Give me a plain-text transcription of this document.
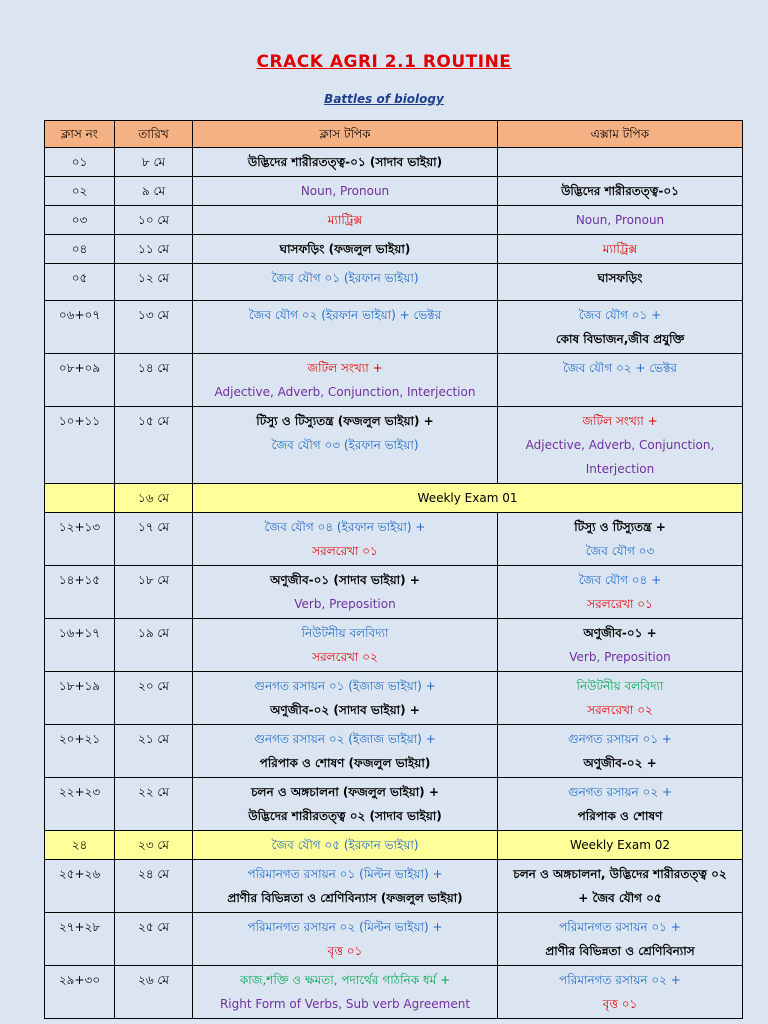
CRACK AGRI 2.1 ROUTINE
Battles of biology
ক্লাস নং	তারিখ	ক্লাস টপিক	এক্সাম টপিক
০১	৮ মে	উদ্ভিদের শারীরতত্ত্ব-০১ (সাদাব ভাইয়া)	

০২	৯ মে	Noun, Pronoun	উদ্ভিদের শারীরতত্ত্ব-০১

০৩	১০ মে	ম্যাট্রিক্স	Noun, Pronoun

০৪	১১ মে	ঘাসফড়িং (ফজলুল ভাইয়া)	ম্যাট্রিক্স

০৫	১২ মে	জৈব যৌগ ০১ (ইরফান ভাইয়া)	ঘাসফড়িং

০৬+০৭	১৩ মে	জৈব যৌগ ০২ (ইরফান ভাইয়া) + ভেক্টর	জৈব যৌগ ০১ +
কোষ বিভাজন,জীব প্রযুক্তি

০৮+০৯	১৪ মে	জটিল সংখ্যা +
Adjective, Adverb, Conjunction, Interjection	জৈব যৌগ ০২ + ভেক্টর

১০+১১	১৫ মে	টিস্যু ও টিস্যুতন্ত্র (ফজলুল ভাইয়া) +
জৈব যৌগ ০৩ (ইরফান ভাইয়া)	জটিল সংখ্যা +
Adjective, Adverb, Conjunction,
Interjection

	১৬ মে	Weekly Exam 01	
১২+১৩	১৭ মে	জৈব যৌগ ০৪ (ইরফান ভাইয়া) +
সরলরেখা ০১	টিস্যু ও টিস্যুতন্ত্র +
জৈব যৌগ ০৩

১৪+১৫	১৮ মে	অণুজীব-০১ (সাদাব ভাইয়া) +
Verb, Preposition	জৈব যৌগ ০৪ +
সরলরেখা ০১

১৬+১৭	১৯ মে	নিউটনীয় বলবিদ্যা
সরলরেখা ০২	অণুজীব-০১ +
Verb, Preposition

১৮+১৯	২০ মে	গুনগত রসায়ন ০১ (ইজাজ ভাইয়া) +
অণুজীব-০২ (সাদাব ভাইয়া) +	নিউটনীয় বলবিদ্যা
সরলরেখা ০২

২০+২১	২১ মে	গুনগত রসায়ন ০২ (ইজাজ ভাইয়া) +
পরিপাক ও শোষণ (ফজলুল ভাইয়া)	গুনগত রসায়ন ০১ +
অণুজীব-০২ +

২২+২৩	২২ মে	চলন ও অঙ্গচালনা (ফজলুল ভাইয়া) +
উদ্ভিদের শারীরতত্ত্ব ০২ (সাদাব ভাইয়া)	গুনগত রসায়ন ০২ +
পরিপাক ও শোষণ

২৪	২৩ মে	জৈব যৌগ ০৫ (ইরফান ভাইয়া)	Weekly Exam 02

২৫+২৬	২৪ মে	পরিমানগত রসায়ন ০১ (মিল্টন ভাইয়া) +
প্রাণীর বিভিন্নতা ও শ্রেণিবিন্যাস (ফজলুল ভাইয়া)	চলন ও অঙ্গচালনা, উদ্ভিদের শারীরতত্ত্ব ০২
+ জৈব যৌগ ০৫

২৭+২৮	২৫ মে	পরিমানগত রসায়ন ০২ (মিল্টন ভাইয়া) +
বৃত্ত ০১	পরিমানগত রসায়ন ০১ +
প্রাণীর বিভিন্নতা ও শ্রেণিবিন্যাস

২৯+৩০	২৬ মে	কাজ,শক্তি ও ক্ষমতা, পদার্থের গাঠনিক ধর্ম +
Right Form of Verbs, Sub verb Agreement	পরিমানগত রসায়ন ০২ +
বৃত্ত ০১
